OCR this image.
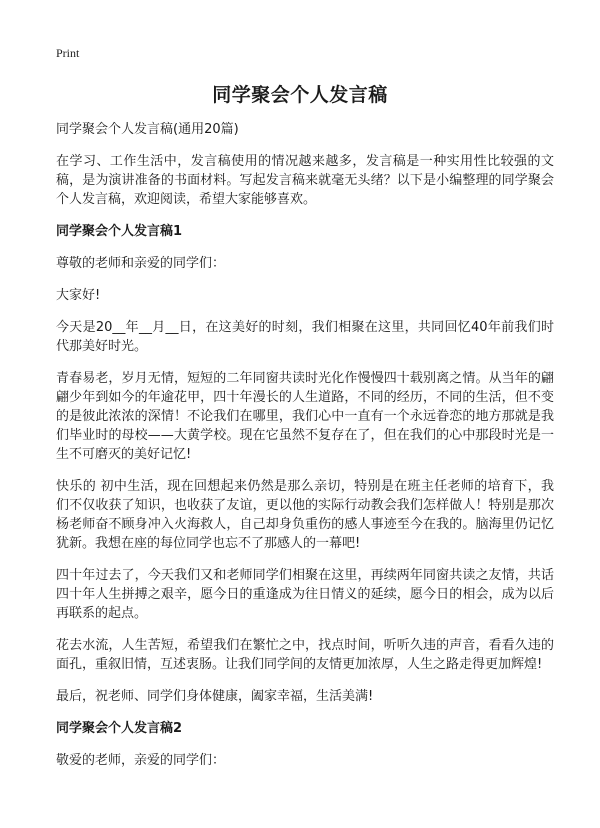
Print
同学聚会个人发言稿

同学聚会个人发言稿(通用20篇)

在学习、工作生活中，发言稿使用的情况越来越多，发言稿是一种实用性比较强的文稿，是为演讲准备的书面材料。写起发言稿来就毫无头绪？以下是小编整理的同学聚会个人发言稿，欢迎阅读，希望大家能够喜欢。

同学聚会个人发言稿1

尊敬的老师和亲爱的同学们：

大家好!

今天是20__年__月__日，在这美好的时刻，我们相聚在这里，共同回忆40年前我们时代那美好时光。

青春易老，岁月无情，短短的二年同窗共读时光化作慢慢四十载别离之情。从当年的翩翩少年到如今的年逾花甲，四十年漫长的人生道路，不同的经历，不同的生活，但不变的是彼此浓浓的深情！不论我们在哪里，我们心中一直有一个永远眷恋的地方那就是我们毕业时的母校——大黄学校。现在它虽然不复存在了，但在我们的心中那段时光是一生不可磨灭的美好记忆!

快乐的 初中生活，现在回想起来仍然是那么亲切，特别是在班主任老师的培育下，我们不仅收获了知识，也收获了友谊，更以他的实际行动教会我们怎样做人！特别是那次杨老师奋不顾身冲入火海救人，自己却身负重伤的感人事迹至今在我的。脑海里仍记忆犹新。我想在座的每位同学也忘不了那感人的一幕吧!

四十年过去了，今天我们又和老师同学们相聚在这里，再续两年同窗共读之友情，共话四十年人生拼搏之艰辛，愿今日的重逢成为往日情义的延续，愿今日的相会，成为以后再联系的起点。

花去水流，人生苦短，希望我们在繁忙之中，找点时间，听听久违的声音，看看久违的面孔，重叙旧情，互述衷肠。让我们同学间的友情更加浓厚，人生之路走得更加辉煌!

最后，祝老师、同学们身体健康，阖家幸福，生活美满!

同学聚会个人发言稿2

敬爱的老师，亲爱的同学们：
